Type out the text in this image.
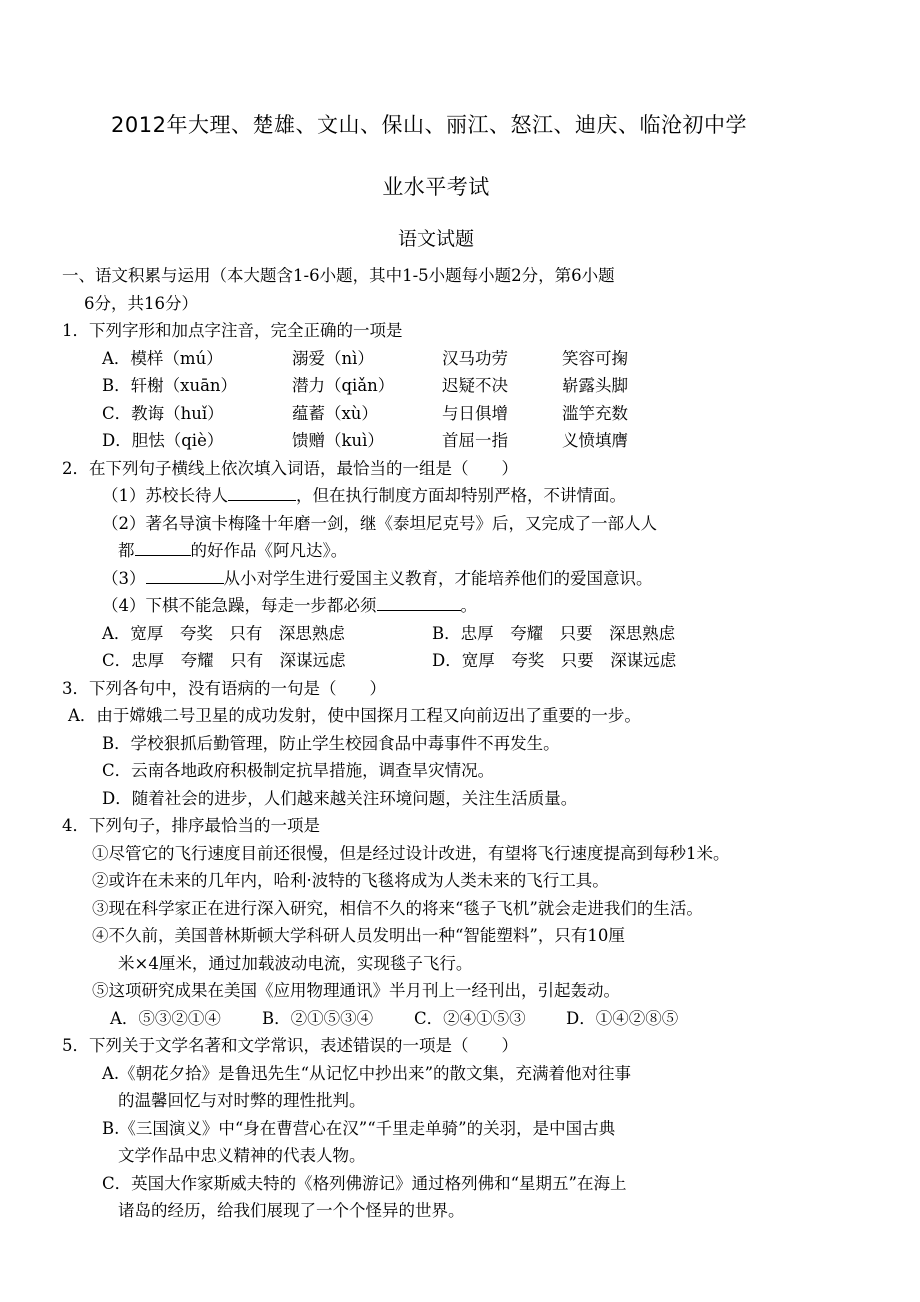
2012年大理、楚雄、文山、保山、丽江、怒江、迪庆、临沧初中学
业水平考试
语文试题

一、语文积累与运用（本大题含1-6小题，其中1-5小题每小题2分，第6小题

6分，共16分）

1．下列字形和加点字注音，完全正确的一项是

A．模样（mú）	溺爱（nì）	汉马功劳	笑容可掬
B．轩榭（xuān）	潜力（qiǎn）	迟疑不决	崭露头脚
C．教诲（huǐ）	蕴蓄（xù）	与日俱增	滥竽充数
D．胆怯（qiè）	馈赠（kuì）	首屈一指	义愤填膺

2．在下列句子横线上依次填入词语，最恰当的一组是（　　）

（1）苏校长待人	，但在执行制度方面却特别严格，不讲情面。

（2）著名导演卡梅隆十年磨一剑，继《泰坦尼克号》后，又完成了一部人人

都	的好作品《阿凡达》。

（3）	从小对学生进行爱国主义教育，才能培养他们的爱国意识。

（4）下棋不能急躁，每走一步都必须	。

A．宽厚　夸奖　只有　深思熟虑	B．忠厚　夸耀　只要　深思熟虑
C．忠厚　夸耀　只有　深谋远虑	D．宽厚　夸奖　只要　深谋远虑

3．下列各句中，没有语病的一句是（　　）

A．由于嫦娥二号卫星的成功发射，使中国探月工程又向前迈出了重要的一步。

B．学校狠抓后勤管理，防止学生校园食品中毒事件不再发生。

C．云南各地政府积极制定抗旱措施，调查旱灾情况。

D．随着社会的进步，人们越来越关注环境问题，关注生活质量。

4．下列句子，排序最恰当的一项是

①尽管它的飞行速度目前还很慢，但是经过设计改进，有望将飞行速度提高到每秒1米。

②或许在未来的几年内，哈利·波特的飞毯将成为人类未来的飞行工具。

③现在科学家正在进行深入研究，相信不久的将来“毯子飞机”就会走进我们的生活。

④不久前，美国普林斯顿大学科研人员发明出一种“智能塑料”，只有10厘

米×4厘米，通过加载波动电流，实现毯子飞行。

⑤这项研究成果在美国《应用物理通讯》半月刊上一经刊出，引起轰动。

A．⑤③②①④ B．②①⑤③④ C．②④①⑤③ D．①④②⑧⑤

5．下列关于文学名著和文学常识，表述错误的一项是（　　）

A.《朝花夕拾》是鲁迅先生“从记忆中抄出来”的散文集，充满着他对往事

的温馨回忆与对时弊的理性批判。

B.《三国演义》中“身在曹营心在汉”“千里走单骑”的关羽，是中国古典

文学作品中忠义精神的代表人物。

C．英国大作家斯威夫特的《格列佛游记》通过格列佛和“星期五”在海上

诸岛的经历，给我们展现了一个个怪异的世界。
